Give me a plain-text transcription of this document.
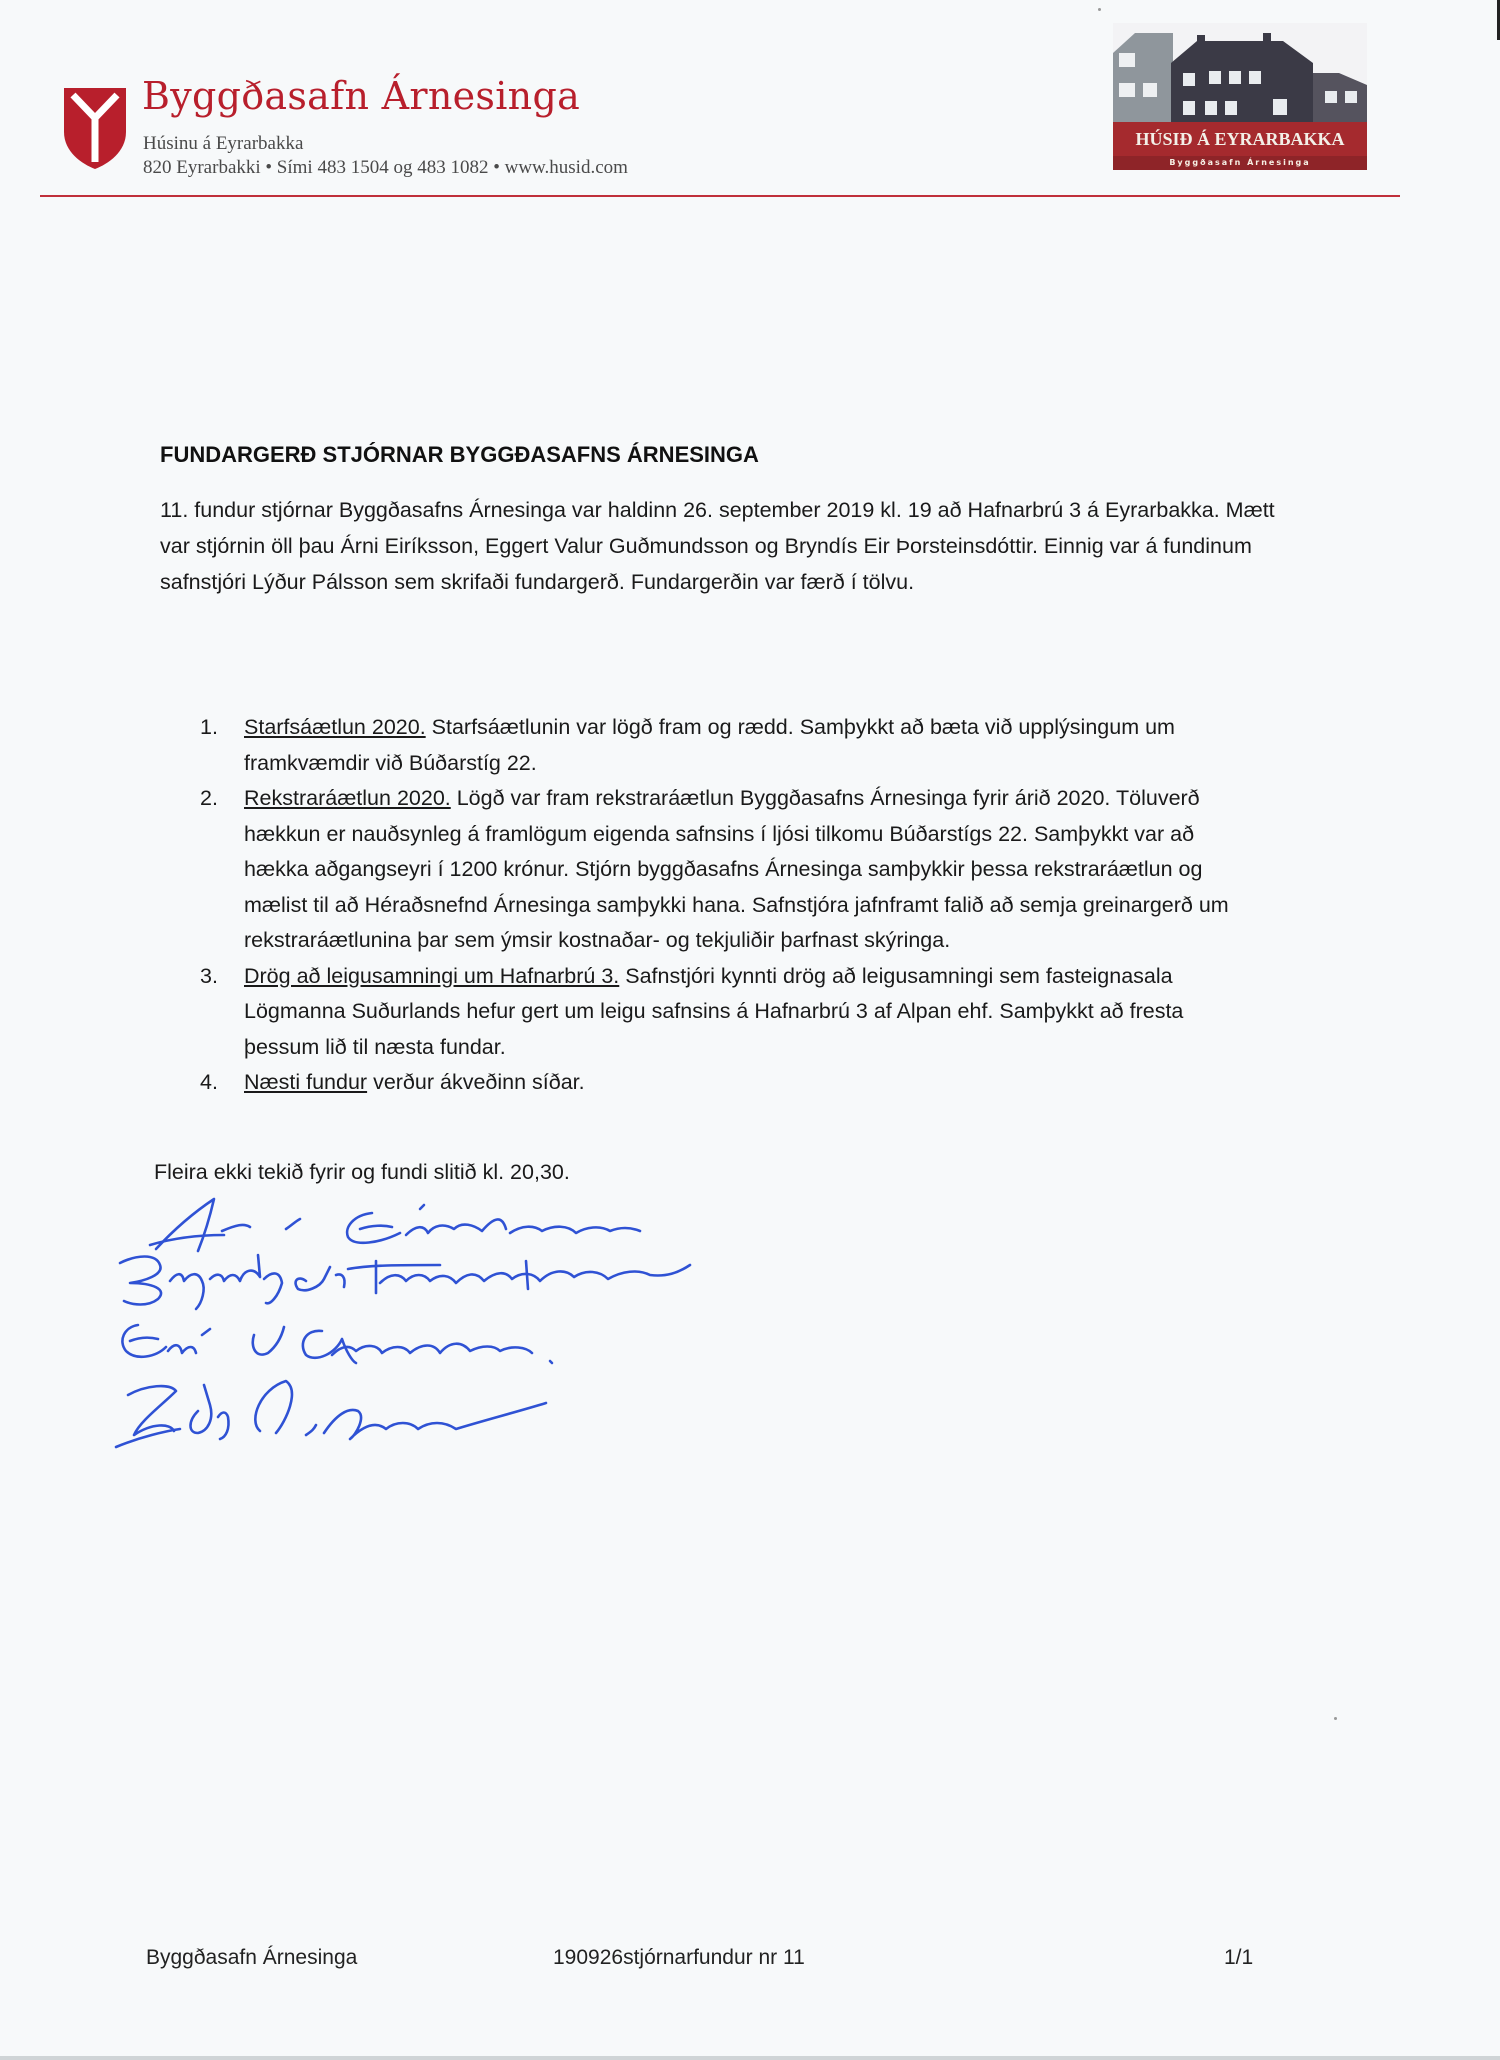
Byggðasafn Árnesinga
Húsinu á Eyrarbakka
820 Eyrarbakki • Sími 483 1504 og 483 1082 • www.husid.com
HÚSIÐ Á EYRARBAKKA
Byggðasafn Árnesinga
FUNDARGERÐ STJÓRNAR BYGGÐASAFNS ÁRNESINGA

11. fundur stjórnar Byggðasafns Árnesinga var haldinn 26. september 2019 kl. 19 að Hafnarbrú 3 á Eyrarbakka. Mætt var stjórnin öll þau Árni Eiríksson, Eggert Valur Guðmundsson og Bryndís Eir Þorsteinsdóttir. Einnig var á fundinum safnstjóri Lýður Pálsson sem skrifaði fundargerð. Fundargerðin var færð í tölvu.

1. Starfsáætlun 2020. Starfsáætlunin var lögð fram og rædd. Samþykkt að bæta við upplýsingum um framkvæmdir við Búðarstíg 22.
2. Rekstraráætlun 2020. Lögð var fram rekstraráætlun Byggðasafns Árnesinga fyrir árið 2020. Töluverð hækkun er nauðsynleg á framlögum eigenda safnsins í ljósi tilkomu Búðarstígs 22. Samþykkt var að hækka aðgangseyri í 1200 krónur. Stjórn byggðasafns Árnesinga samþykkir þessa rekstraráætlun og mælist til að Héraðsnefnd Árnesinga samþykki hana. Safnstjóra jafnframt falið að semja greinargerð um rekstraráætlunina þar sem ýmsir kostnaðar- og tekjuliðir þarfnast skýringa.
3. Drög að leigusamningi um Hafnarbrú 3. Safnstjóri kynnti drög að leigusamningi sem fasteignasala Lögmanna Suðurlands hefur gert um leigu safnsins á Hafnarbrú 3 af Alpan ehf. Samþykkt að fresta þessum lið til næsta fundar.
4. Næsti fundur verður ákveðinn síðar.
Fleira ekki tekið fyrir og fundi slitið kl. 20,30.
Byggðasafn Árnesinga	190926stjórnarfundur nr 11	1/1
